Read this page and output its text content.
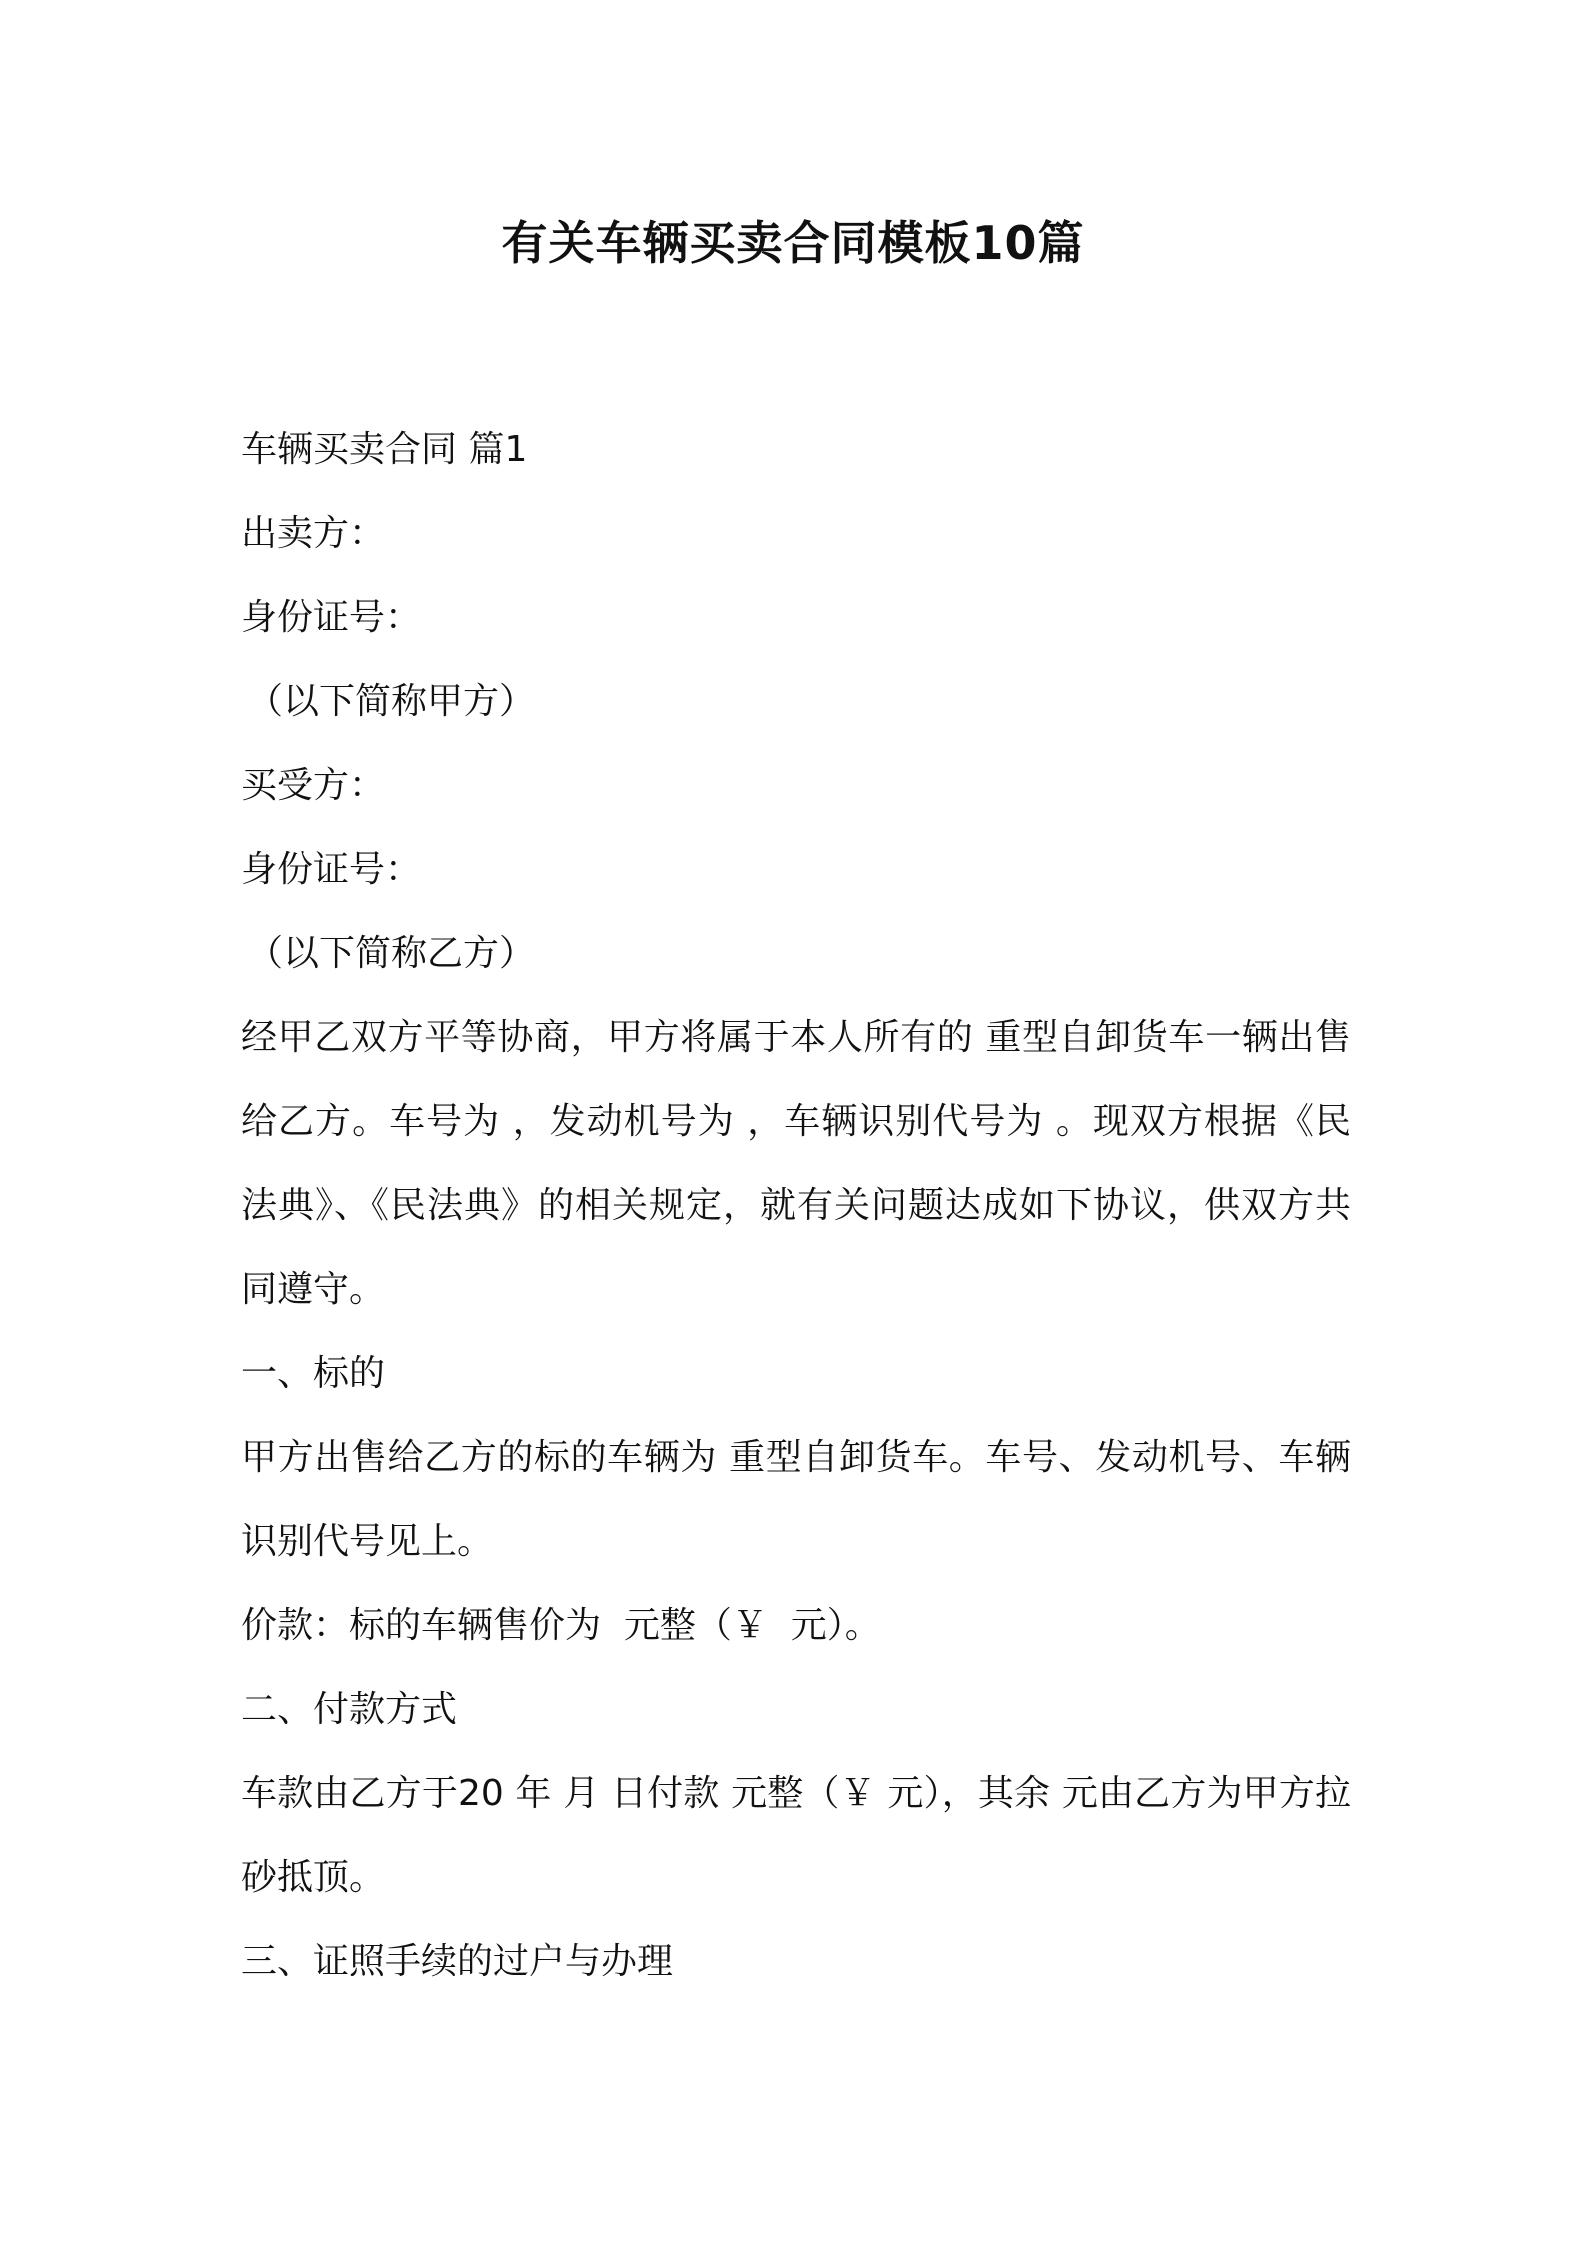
有关车辆买卖合同模板10篇

车辆买卖合同 篇1

出卖方：

身份证号：

（以下简称甲方）

买受方：

身份证号：

（以下简称乙方）

经甲乙双方平等协商，甲方将属于本人所有的 重型自卸货车一辆出售给乙方。车号为 ，发动机号为 ，车辆识别代号为 。现双方根据《民法典》、《民法典》的相关规定，就有关问题达成如下协议，供双方共同遵守。

一、标的

甲方出售给乙方的标的车辆为 重型自卸货车。车号、发动机号、车辆识别代号见上。

价款：标的车辆售价为  元整（￥  元）。

二、付款方式

车款由乙方于20 年 月 日付款 元整（￥ 元），其余 元由乙方为甲方拉砂抵顶。

三、证照手续的过户与办理
